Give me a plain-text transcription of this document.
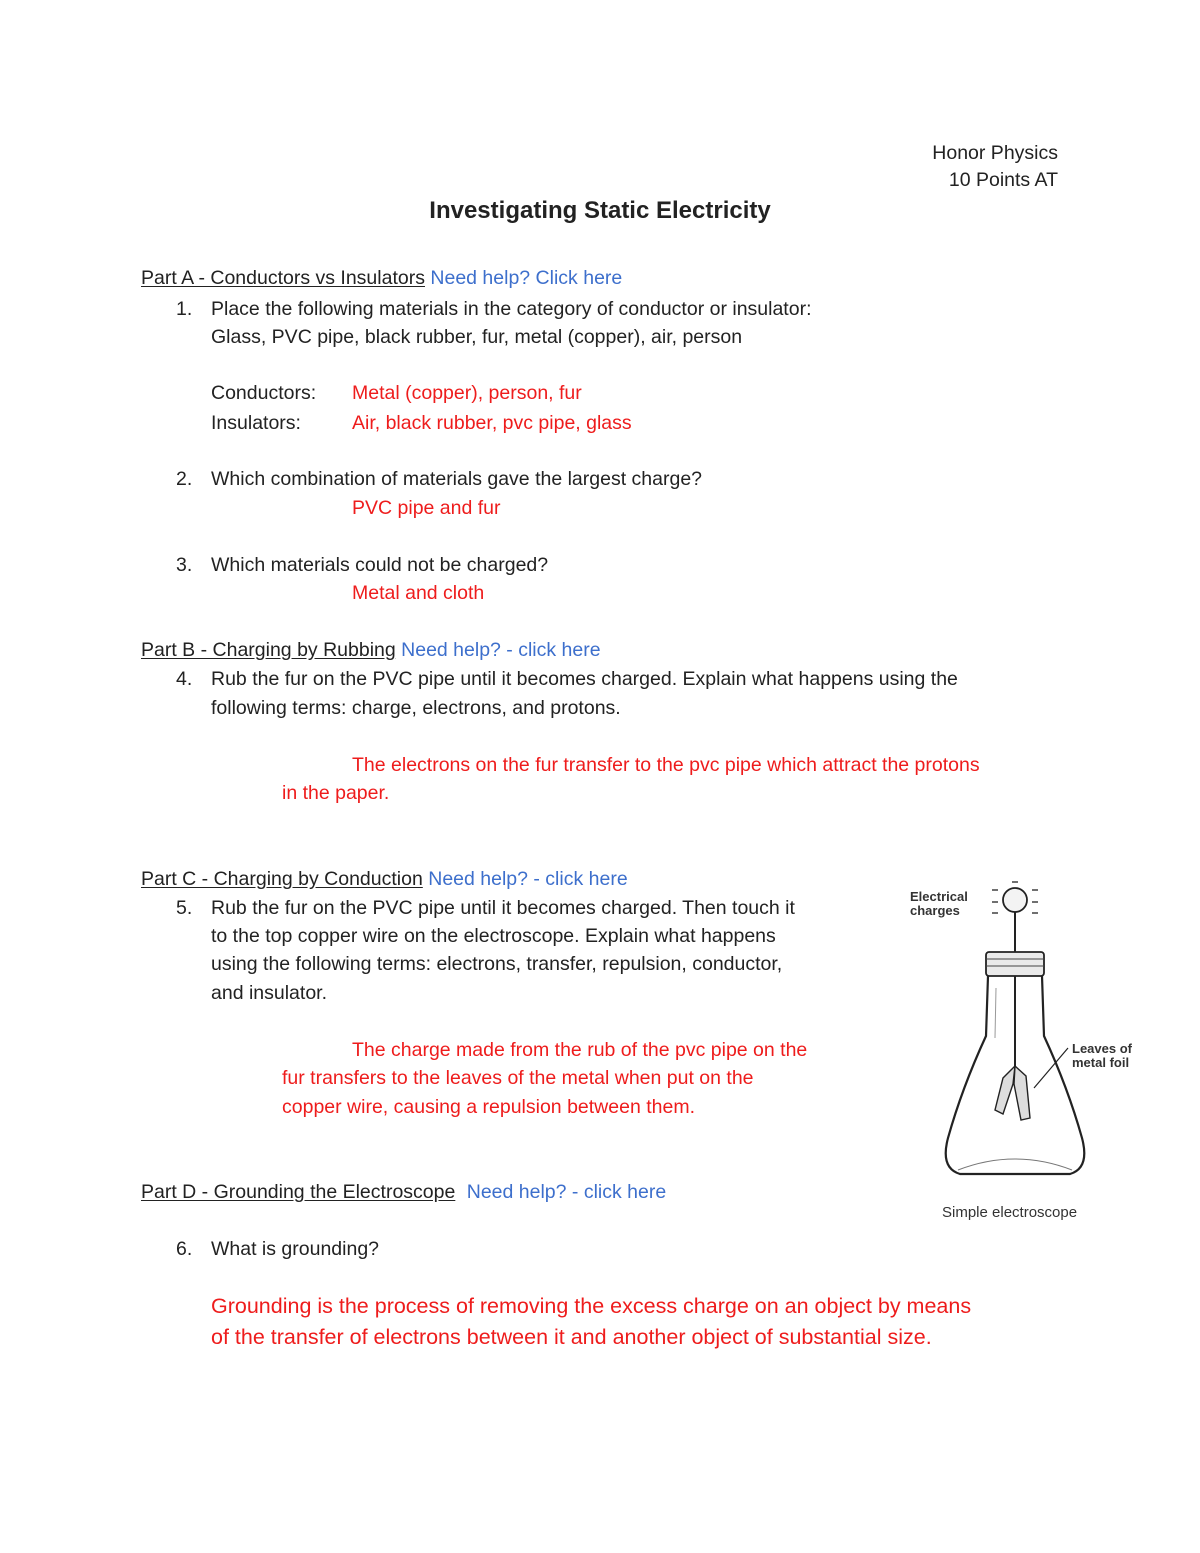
Honor Physics
10 Points AT
Investigating Static Electricity
Part A - Conductors vs Insulators Need help? Click here
1. Place the following materials in the category of conductor or insulator:
Glass, PVC pipe, black rubber, fur, metal (copper), air, person
Conductors: Metal (copper), person, fur
Insulators:	Air, black rubber, pvc pipe, glass
2. Which combination of materials gave the largest charge?
PVC pipe and fur
3. Which materials could not be charged?
Metal and cloth
Part B - Charging by Rubbing Need help? - click here
4. Rub the fur on the PVC pipe until it becomes charged. Explain what happens using the
following terms: charge, electrons, and protons.
The electrons on the fur transfer to the pvc pipe which attract the protons
in the paper.
Part C - Charging by Conduction Need help? - click here
5. Rub the fur on the PVC pipe until it becomes charged. Then touch it
to the top copper wire on the electroscope. Explain what happens
using the following terms: electrons, transfer, repulsion, conductor,
and insulator.
The charge made from the rub of the pvc pipe on the
fur transfers to the leaves of the metal when put on the
copper wire, causing a repulsion between them.
Electrical
charges
Leaves of
metal foil
Simple electroscope
Part D - Grounding the Electroscope Need help? - click here
6. What is grounding?
Grounding is the process of removing the excess charge on an object by means
of the transfer of electrons between it and another object of substantial size.
